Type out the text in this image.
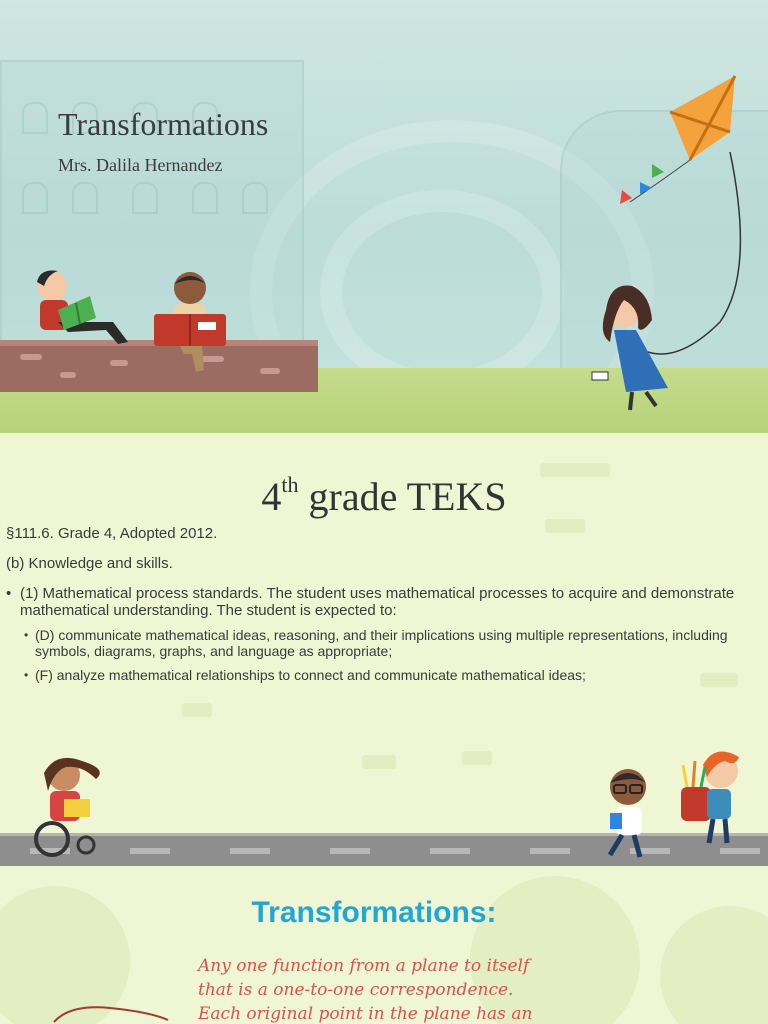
Transformations

Mrs. Dalila Hernandez

4th grade TEKS

§111.6. Grade 4, Adopted 2012.

(b) Knowledge and skills.

• (1) Mathematical process standards. The student uses mathematical processes to acquire and demonstrate mathematical understanding. The student is expected to:
• (D) communicate mathematical ideas, reasoning, and their implications using multiple representations, including symbols, diagrams, graphs, and language as appropriate;
• (F) analyze mathematical relationships to connect and communicate mathematical ideas;
Transformations:
Any one function from a plane to itself
that is a one-to-one correspondence.
Each original point in the plane has an
